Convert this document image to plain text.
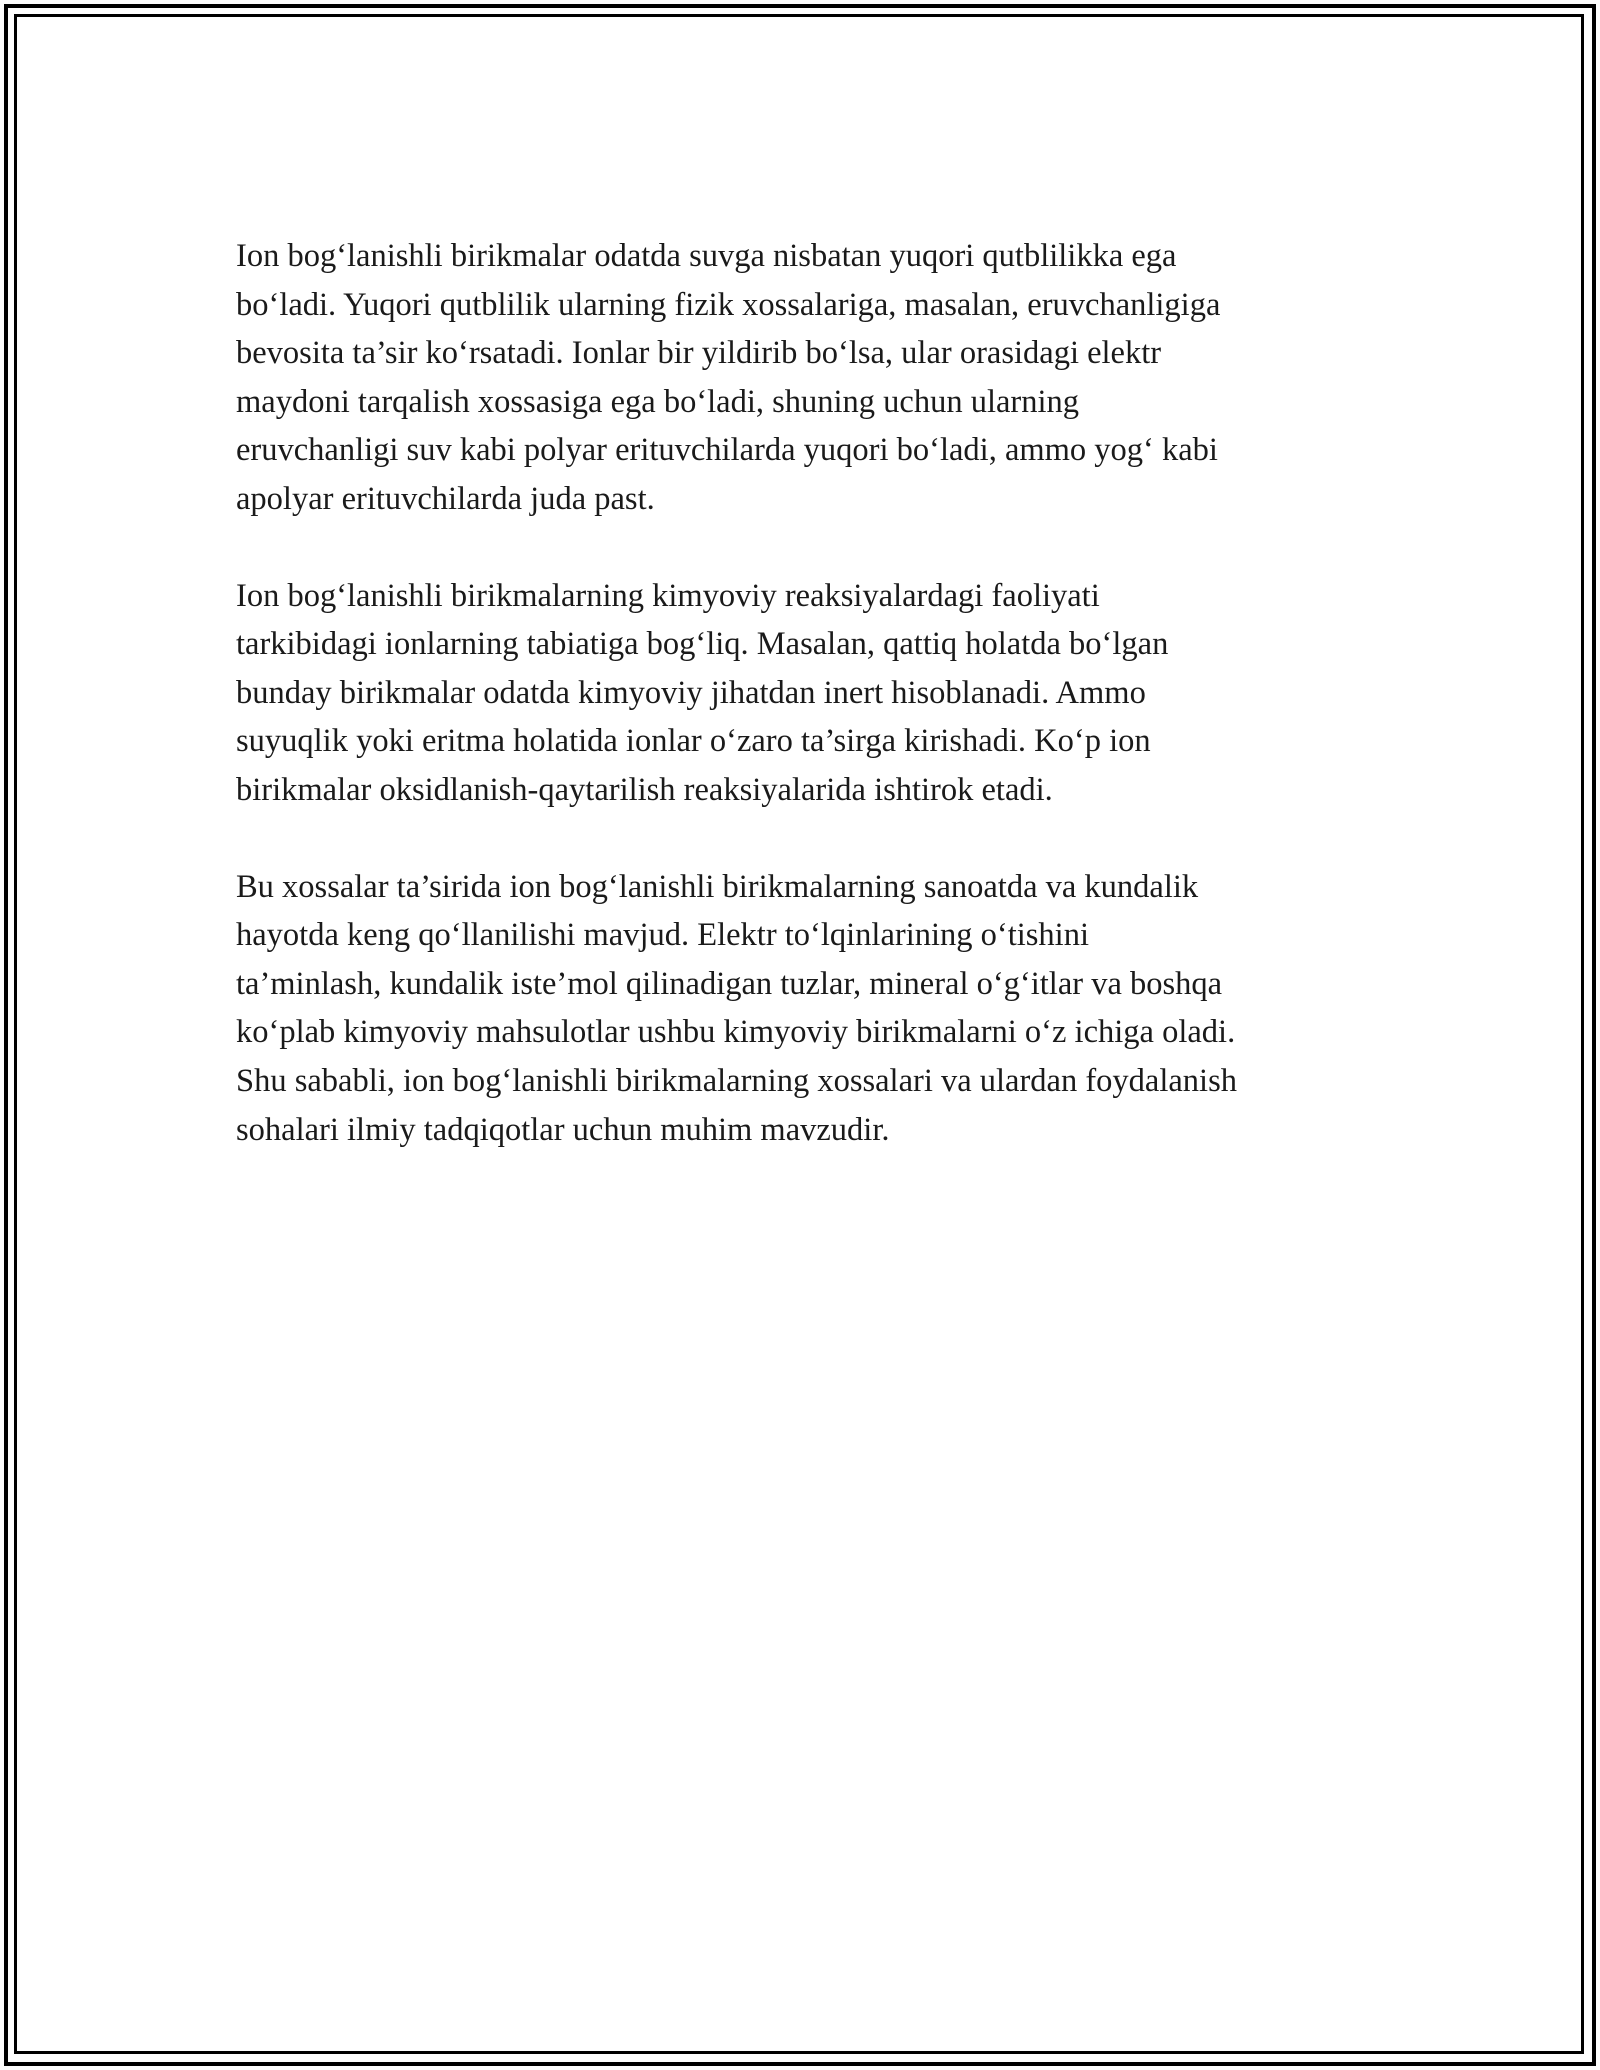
Ion bog‘lanishli birikmalar odatda suvga nisbatan yuqori qutblilikka ega
bo‘ladi. Yuqori qutblilik ularning fizik xossalariga, masalan, eruvchanligiga
bevosita ta’sir ko‘rsatadi. Ionlar bir yildirib bo‘lsa, ular orasidagi elektr
maydoni tarqalish xossasiga ega bo‘ladi, shuning uchun ularning
eruvchanligi suv kabi polyar erituvchilarda yuqori bo‘ladi, ammo yog‘ kabi
apolyar erituvchilarda juda past.

Ion bog‘lanishli birikmalarning kimyoviy reaksiyalardagi faoliyati
tarkibidagi ionlarning tabiatiga bog‘liq. Masalan, qattiq holatda bo‘lgan
bunday birikmalar odatda kimyoviy jihatdan inert hisoblanadi. Ammo
suyuqlik yoki eritma holatida ionlar o‘zaro ta’sirga kirishadi. Ko‘p ion
birikmalar oksidlanish-qaytarilish reaksiyalarida ishtirok etadi.

Bu xossalar ta’sirida ion bog‘lanishli birikmalarning sanoatda va kundalik
hayotda keng qo‘llanilishi mavjud. Elektr to‘lqinlarining o‘tishini
ta’minlash, kundalik iste’mol qilinadigan tuzlar, mineral o‘g‘itlar va boshqa
ko‘plab kimyoviy mahsulotlar ushbu kimyoviy birikmalarni o‘z ichiga oladi.
Shu sababli, ion bog‘lanishli birikmalarning xossalari va ulardan foydalanish
sohalari ilmiy tadqiqotlar uchun muhim mavzudir.
